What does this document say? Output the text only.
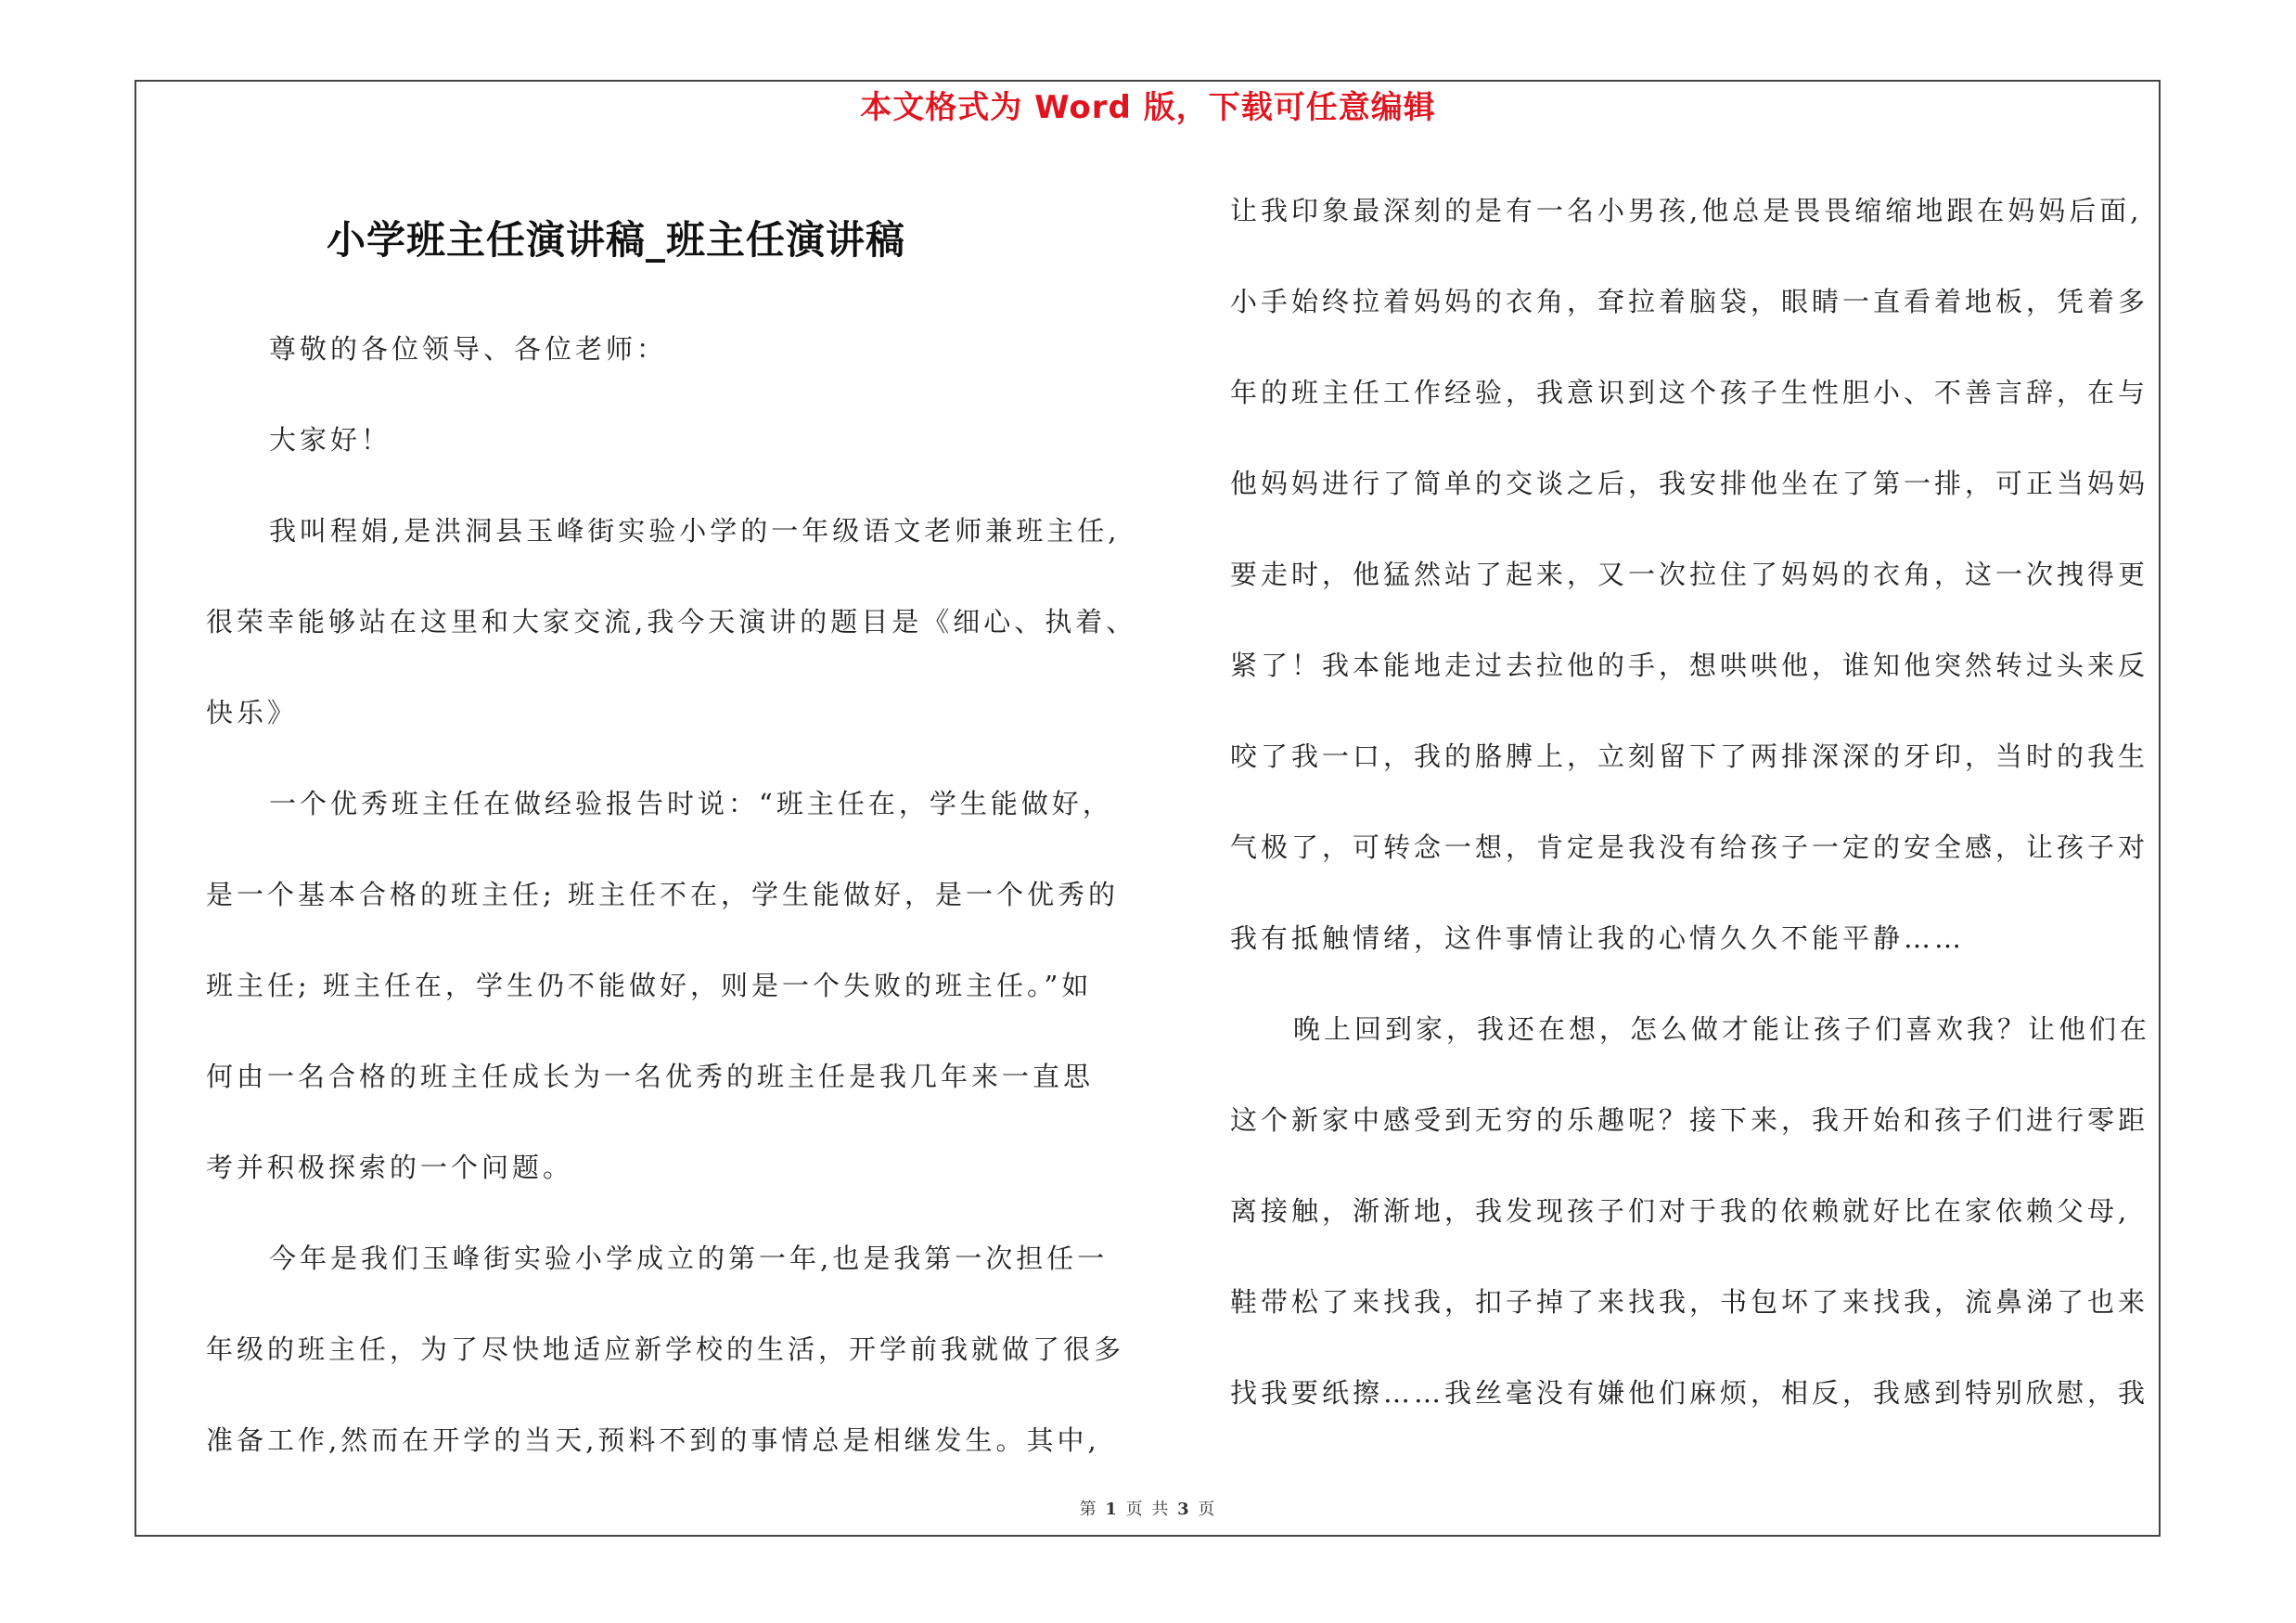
本文格式为 Word 版，下载可任意编辑
小学班主任演讲稿_班主任演讲稿
尊敬的各位领导、各位老师：
大家好！
我叫程娟,是洪洞县玉峰街实验小学的一年级语文老师兼班主任,
很荣幸能够站在这里和大家交流,我今天演讲的题目是《细心、执着、
快乐》
一个优秀班主任在做经验报告时说：“班主任在，学生能做好，
是一个基本合格的班主任; 班主任不在，学生能做好，是一个优秀的
班主任; 班主任在，学生仍不能做好，则是一个失败的班主任。”如
何由一名合格的班主任成长为一名优秀的班主任是我几年来一直思
考并积极探索的一个问题。
今年是我们玉峰街实验小学成立的第一年,也是我第一次担任一
年级的班主任，为了尽快地适应新学校的生活，开学前我就做了很多
准备工作,然而在开学的当天,预料不到的事情总是相继发生。其中,
让我印象最深刻的是有一名小男孩,他总是畏畏缩缩地跟在妈妈后面,
小手始终拉着妈妈的衣角，耷拉着脑袋，眼睛一直看着地板，凭着多
年的班主任工作经验，我意识到这个孩子生性胆小、不善言辞，在与
他妈妈进行了简单的交谈之后，我安排他坐在了第一排，可正当妈妈
要走时，他猛然站了起来，又一次拉住了妈妈的衣角，这一次拽得更
紧了！我本能地走过去拉他的手，想哄哄他，谁知他突然转过头来反
咬了我一口，我的胳膊上，立刻留下了两排深深的牙印，当时的我生
气极了，可转念一想，肯定是我没有给孩子一定的安全感，让孩子对
我有抵触情绪，这件事情让我的心情久久不能平静……
晚上回到家，我还在想，怎么做才能让孩子们喜欢我？让他们在
这个新家中感受到无穷的乐趣呢？接下来，我开始和孩子们进行零距
离接触，渐渐地，我发现孩子们对于我的依赖就好比在家依赖父母,
鞋带松了来找我，扣子掉了来找我，书包坏了来找我，流鼻涕了也来
找我要纸擦……我丝毫没有嫌他们麻烦，相反，我感到特别欣慰，我
第 1 页 共 3 页
